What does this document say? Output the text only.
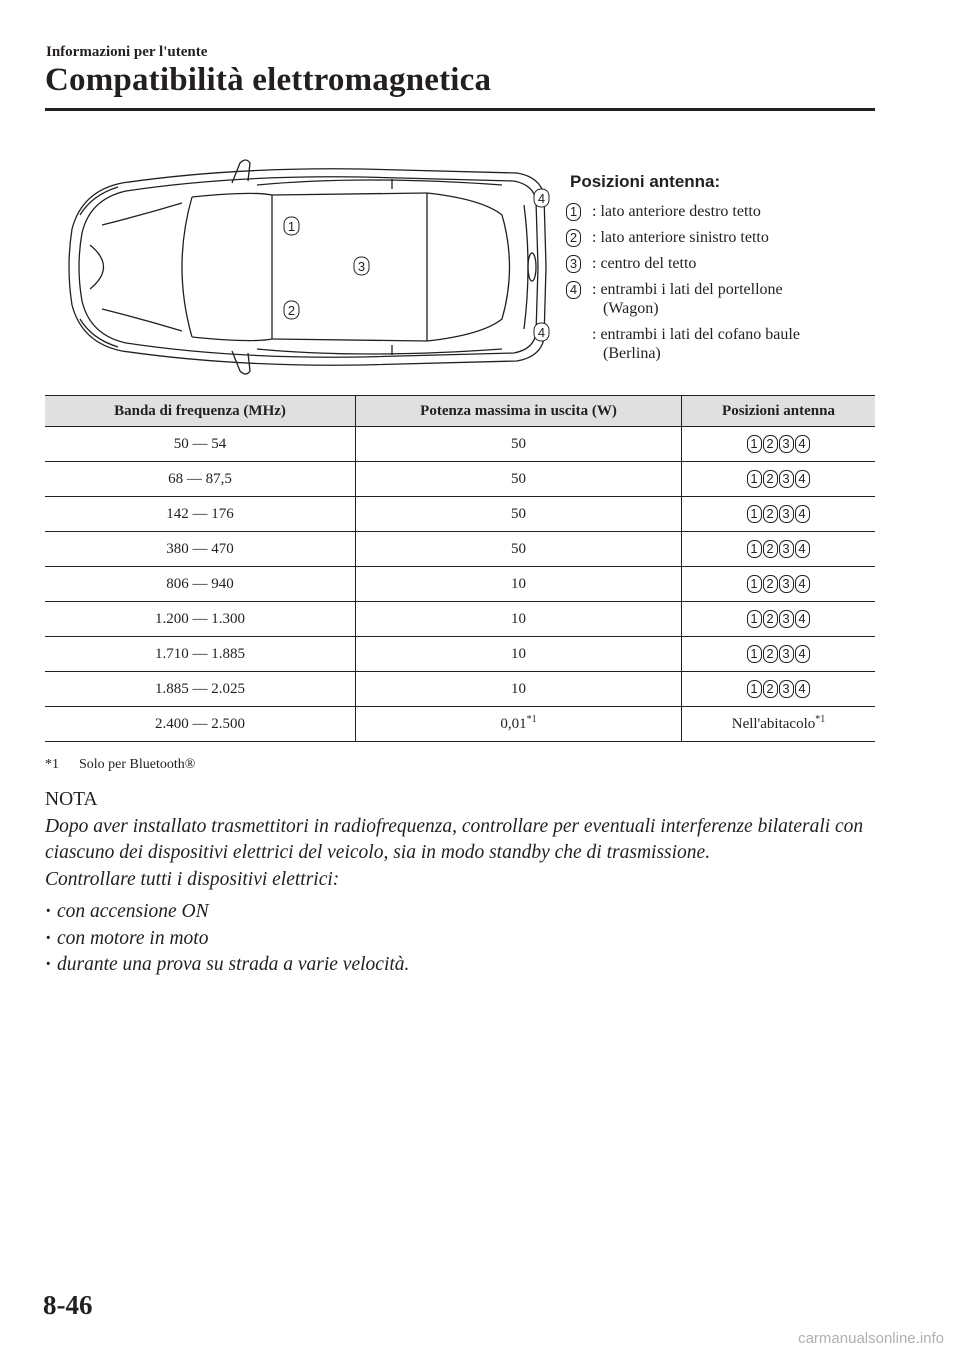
Informazioni per l'utente
Compatibilità elettromagnetica
1
2
3
4
4
Posizioni antenna:
1 : lato anteriore destro tetto
2 : lato anteriore sinistro tetto
3 : centro del tetto
4 : entrambi i lati del portellone
(Wagon)
: entrambi i lati del cofano baule
(Berlina)
Banda di frequenza (MHz)	Potenza massima in uscita (W)	Posizioni antenna
50 ― 54	50	1 2 3 4
68 ― 87,5	50	1 2 3 4
142 ― 176	50	1 2 3 4
380 ― 470	50	1 2 3 4
806 ― 940	10	1 2 3 4
1.200 ― 1.300	10	1 2 3 4
1.710 ― 1.885	10	1 2 3 4
1.885 ― 2.025	10	1 2 3 4
2.400 ― 2.500	0,01$^{*1}$	Nell'abitacolo$^{*1}$
*1 Solo per Bluetooth®

NOTA

Dopo aver installato trasmettitori in radiofrequenza, controllare per eventuali interferenze bilaterali con ciascuno dei dispositivi elettrici del veicolo, sia in modo standby che di trasmissione.

Controllare tutti i dispositivi elettrici:

· con accensione ON
· con motore in moto
· durante una prova su strada a varie velocità.

8-46

carmanualsonline.info
